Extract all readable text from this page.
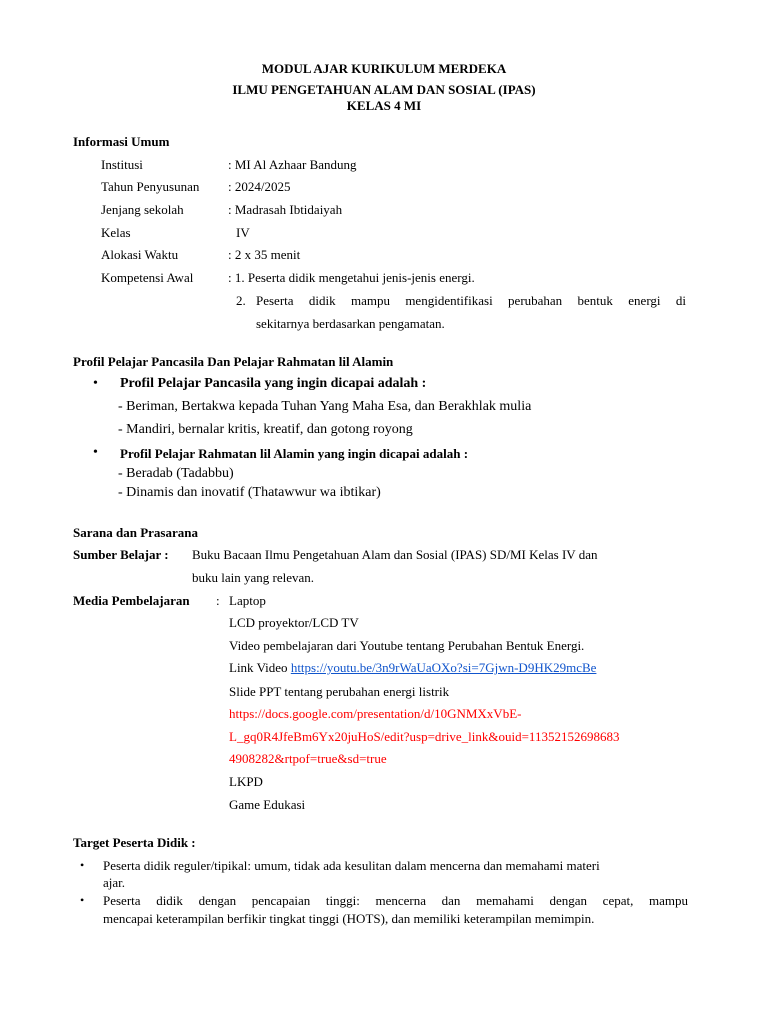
MODUL AJAR KURIKULUM MERDEKA
ILMU PENGETAHUAN ALAM DAN SOSIAL (IPAS)
KELAS 4 MI
Informasi Umum
Institusi	: MI Al Azhaar Bandung
Tahun Penyusunan : 2024/2025
Jenjang sekolah	: Madrasah Ibtidaiyah
Kelas	IV
Alokasi Waktu	: 2 x 35 menit
Kompetensi Awal	: 1. Peserta didik mengetahui jenis-jenis energi.
2. Peserta didik mampu mengidentifikasi perubahan bentuk energi di
sekitarnya berdasarkan pengamatan.
Profil Pelajar Pancasila Dan Pelajar Rahmatan lil Alamin
• Profil Pelajar Pancasila yang ingin dicapai adalah :
- Beriman, Bertakwa kepada Tuhan Yang Maha Esa, dan Berakhlak mulia
- Mandiri, bernalar kritis, kreatif, dan gotong royong
• Profil Pelajar Rahmatan lil Alamin yang ingin dicapai adalah :
- Beradab (Tadabbu)
- Dinamis dan inovatif (Thatawwur wa ibtikar)
Sarana dan Prasarana
Sumber Belajar : Buku Bacaan Ilmu Pengetahuan Alam dan Sosial (IPAS) SD/MI Kelas IV dan
buku lain yang relevan.
Media Pembelajaran : Laptop
LCD proyektor/LCD TV
Video pembelajaran dari Youtube tentang Perubahan Bentuk Energi.
Link Video https://youtu.be/3n9rWaUaOXo?si=7Gjwn-D9HK29mcBe
Slide PPT tentang perubahan energi listrik
https://docs.google.com/presentation/d/10GNMXxVbE-
L_gq0R4JfeBm6Yx20juHoS/edit?usp=drive_link&ouid=11352152698683
4908282&rtpof=true&sd=true
LKPD
Game Edukasi
Target Peserta Didik :
• Peserta didik reguler/tipikal: umum, tidak ada kesulitan dalam mencerna dan memahami materi
ajar.
• Peserta didik dengan pencapaian tinggi: mencerna dan memahami dengan cepat, mampu
mencapai keterampilan berfikir tingkat tinggi (HOTS), dan memiliki keterampilan memimpin.
